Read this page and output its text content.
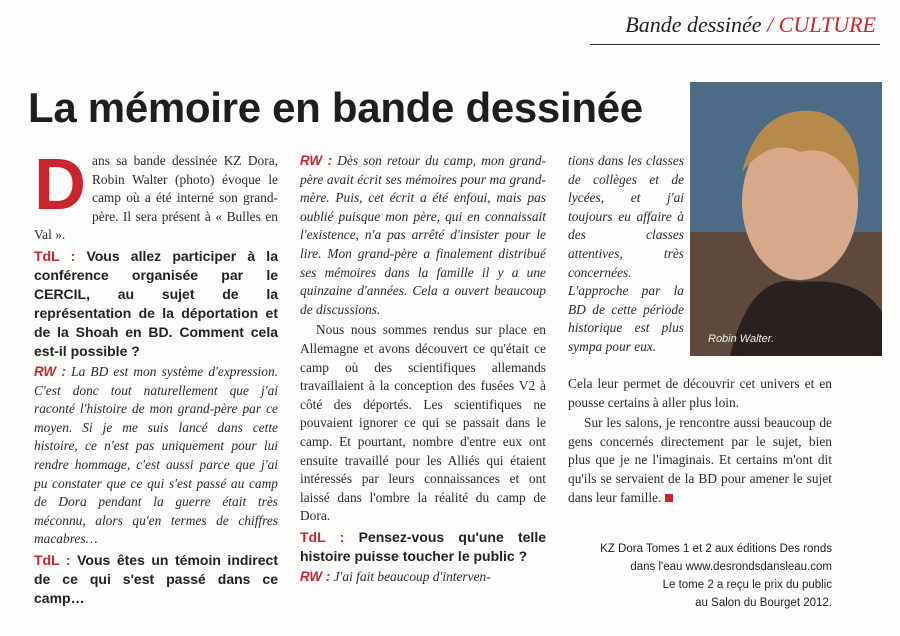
Bande dessinée / CULTURE
Robin Walter.
La mémoire en bande dessinée

Dans sa bande dessinée KZ Dora, Robin Walter (photo) évoque le camp où a été interné son grand-père. Il sera présent à « Bulles en Val ».

TdL : Vous allez participer à la conférence organisée par le CERCIL, au sujet de la représentation de la déportation et de la Shoah en BD. Comment cela est-il possible ?

RW : La BD est mon système d'expression. C'est donc tout naturellement que j'ai raconté l'histoire de mon grand-père par ce moyen. Si je me suis lancé dans cette histoire, ce n'est pas uniquement pour lui rendre hommage, c'est aussi parce que j'ai pu constater que ce qui s'est passé au camp de Dora pendant la guerre était très méconnu, alors qu'en termes de chiffres macabres…

TdL : Vous êtes un témoin indirect de ce qui s'est passé dans ce camp…

RW : Dès son retour du camp, mon grand-père avait écrit ses mémoires pour ma grand-mère. Puis, cet écrit a été enfoui, mais pas oublié puisque mon père, qui en connaissait l'existence, n'a pas arrêté d'insister pour le lire. Mon grand-père a finalement distribué ses mémoires dans la famille il y a une quinzaine d'années. Cela a ouvert beaucoup de discussions.

Nous nous sommes rendus sur place en Allemagne et avons découvert ce qu'était ce camp où des scientifiques allemands travaillaient à la conception des fusées V2 à côté des déportés. Les scientifiques ne pouvaient ignorer ce qui se passait dans le camp. Et pourtant, nombre d'entre eux ont ensuite travaillé pour les Alliés qui étaient intéressés par leurs connaissances et ont laissé dans l'ombre la réalité du camp de Dora.

TdL : Pensez-vous qu'une telle histoire puisse toucher le public ?

RW : J'ai fait beaucoup d'interven-

tions dans les classes de collèges et de lycées, et j'ai toujours eu affaire à des classes attentives, très concernées. L'approche par la BD de cette période historique est plus sympa pour eux.

Cela leur permet de découvrir cet univers et en pousse certains à aller plus loin.

Sur les salons, je rencontre aussi beaucoup de gens concernés directement par le sujet, bien plus que je ne l'imaginais. Et certains m'ont dit qu'ils se servaient de la BD pour amener le sujet dans leur famille.

KZ Dora Tomes 1 et 2 aux éditions Des ronds
dans l'eau www.desrondsdansleau.com
Le tome 2 a reçu le prix du public
au Salon du Bourget 2012.
